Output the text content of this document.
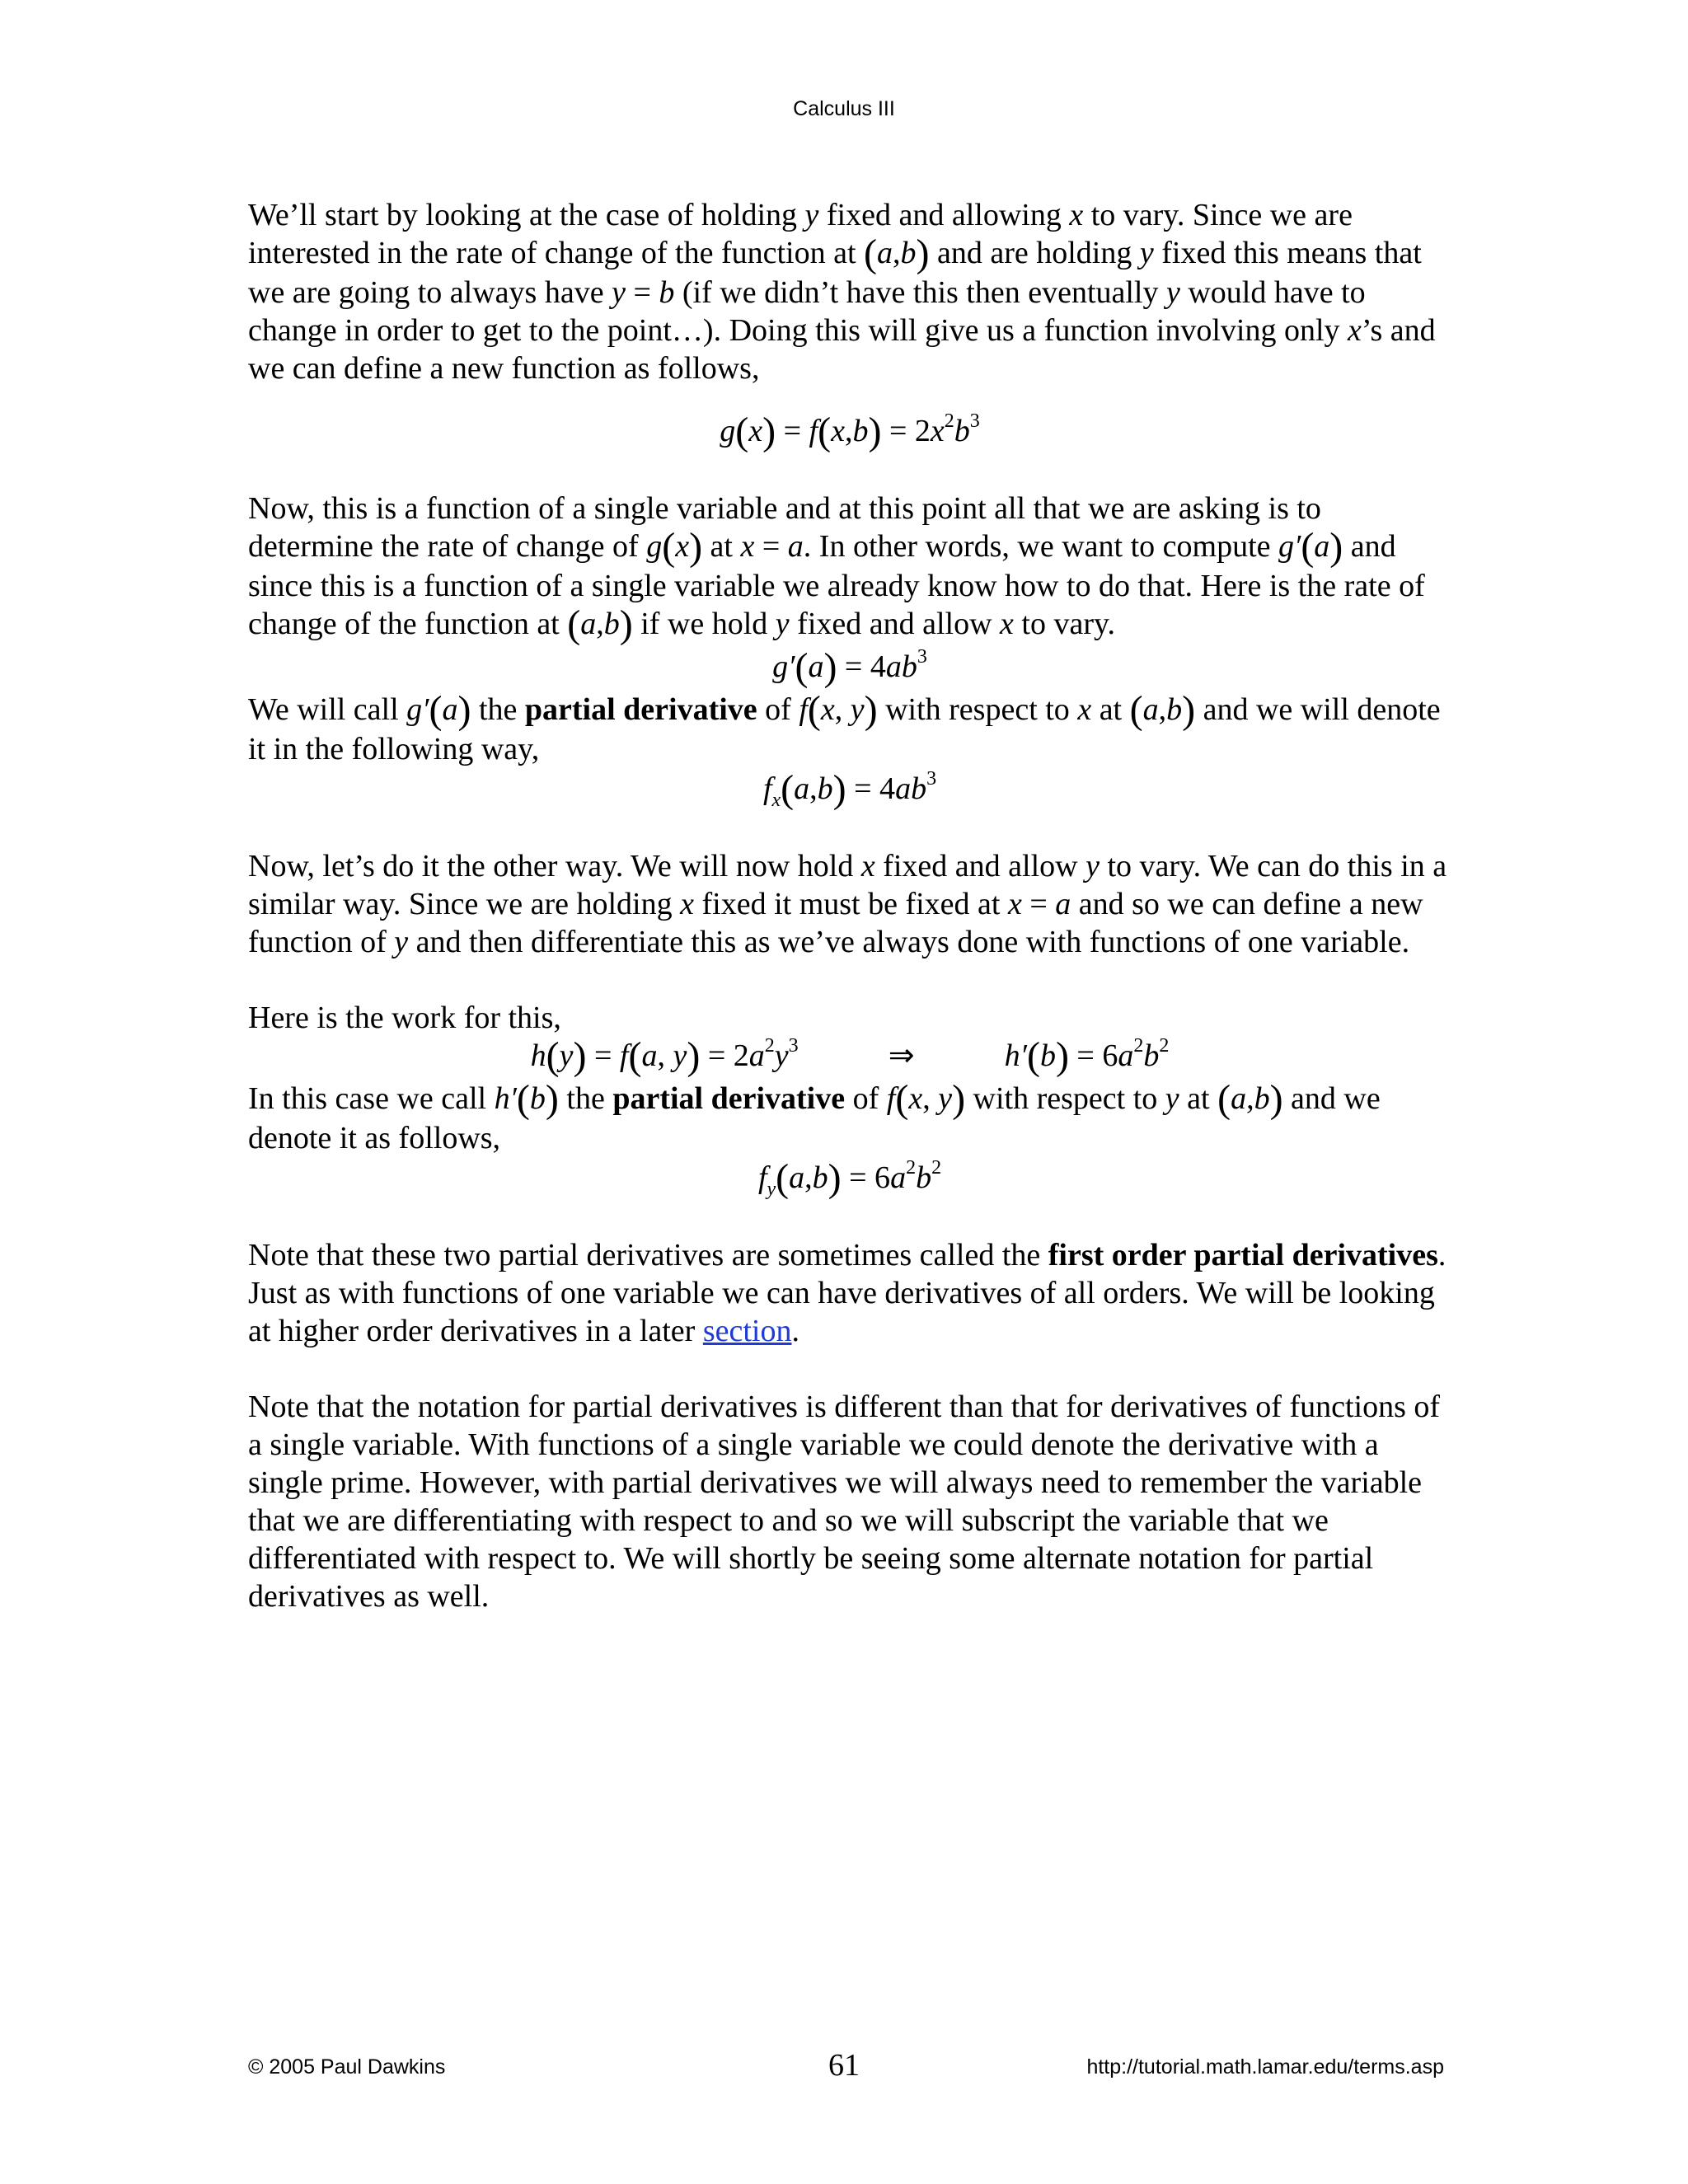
Calculus III

We’ll start by looking at the case of holding y fixed and allowing x to vary. Since we are interested in the rate of change of the function at (a,b) and are holding y fixed this means that we are going to always have y = b (if we didn’t have this then eventually y would have to change in order to get to the point…). Doing this will give us a function involving only x’s and we can define a new function as follows,

$g(x) = f(x,b) = 2x^2b^3$

Now, this is a function of a single variable and at this point all that we are asking is to determine the rate of change of g(x) at x = a. In other words, we want to compute g′(a) and since this is a function of a single variable we already know how to do that. Here is the rate of change of the function at (a,b) if we hold y fixed and allow x to vary.

$g'(a) = 4ab^3$

We will call g′(a) the partial derivative of f(x, y) with respect to x at (a,b) and we will denote it in the following way,

$f_x(a,b) = 4ab^3$

Now, let’s do it the other way. We will now hold x fixed and allow y to vary. We can do this in a similar way. Since we are holding x fixed it must be fixed at x = a and so we can define a new function of y and then differentiate this as we’ve always done with functions of one variable.

Here is the work for this,

h(y) = f(a, $y) = 2a^2y^3$	⇒	$h'(b) = 6a^2b^2$

In this case we call h′(b) the partial derivative of f(x, y) with respect to y at (a,b) and we denote it as follows,

$f_y(a,b) = 6a^2b^2$

Note that these two partial derivatives are sometimes called the first order partial derivatives. Just as with functions of one variable we can have derivatives of all orders. We will be looking at higher order derivatives in a later section.

Note that the notation for partial derivatives is different than that for derivatives of functions of a single variable. With functions of a single variable we could denote the derivative with a single prime. However, with partial derivatives we will always need to remember the variable that we are differentiating with respect to and so we will subscript the variable that we differentiated with respect to. We will shortly be seeing some alternate notation for partial derivatives as well.

© 2005 Paul Dawkins	61	http://tutorial.math.lamar.edu/terms.asp
